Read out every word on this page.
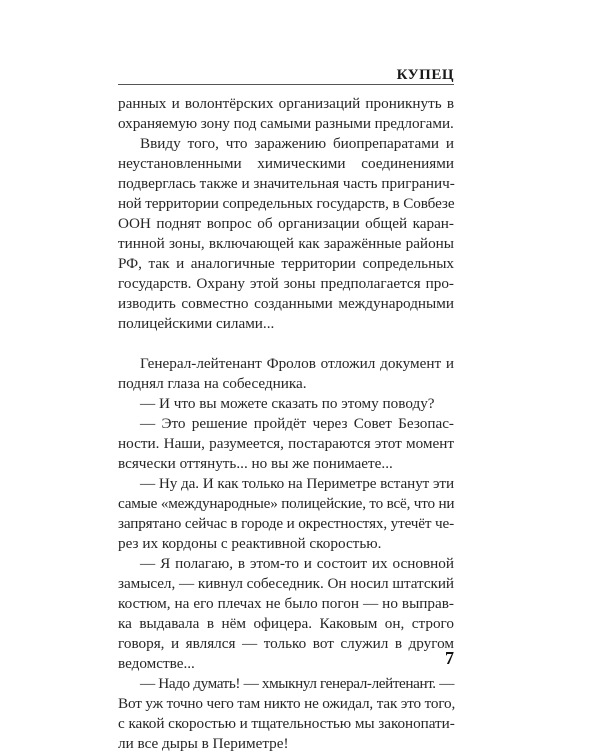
КУПЕЦ
ранных и волонтёрских организаций проникнуть в
охраняемую зону под самыми разными предлогами.
Ввиду того, что заражению биопрепаратами и
неустановленными химическими соединениями
подверглась также и значительная часть пригранич-
ной территории сопредельных государств, в Совбезе
ООН поднят вопрос об организации общей каран-
тинной зоны, включающей как заражённые районы
РФ, так и аналогичные территории сопредельных
государств. Охрану этой зоны предполагается про-
изводить совместно созданными международными
полицейскими силами...
Генерал-лейтенант Фролов отложил документ и
поднял глаза на собеседника.
— И что вы можете сказать по этому поводу?
— Это решение пройдёт через Совет Безопас-
ности. Наши, разумеется, постараются этот момент
всячески оттянуть... но вы же понимаете...
— Ну да. И как только на Периметре встанут эти
самые «международные» полицейские, то всё, что ни
запрятано сейчас в городе и окрестностях, утечёт че-
рез их кордоны с реактивной скоростью.
— Я полагаю, в этом-то и состоит их основной
замысел, — кивнул собеседник. Он носил штатский
костюм, на его плечах не было погон — но выправ-
ка выдавала в нём офицера. Каковым он, строго
говоря, и являлся — только вот служил в другом
ведомстве...
— Надо думать! — хмыкнул генерал-лейтенант. —
Вот уж точно чего там никто не ожидал, так это того,
с какой скоростью и тщательностью мы законопати-
ли все дыры в Периметре!
7
